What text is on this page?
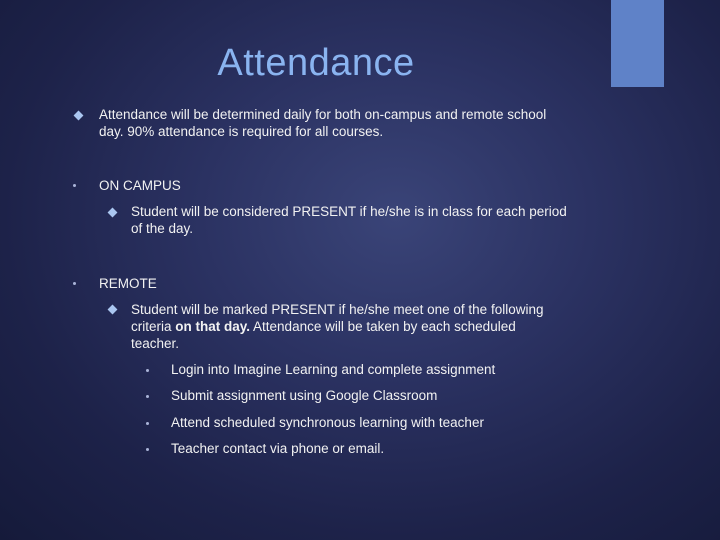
Attendance
Attendance will be determined daily for both on-campus and remote school
day. 90% attendance is required for all courses.
ON CAMPUS
Student will be considered PRESENT if he/she is in class for each period
of the day.
REMOTE
Student will be marked PRESENT if he/she meet one of the following
criteria on that day. Attendance will be taken by each scheduled
teacher.
Login into Imagine Learning and complete assignment
Submit assignment using Google Classroom
Attend scheduled synchronous learning with teacher
Teacher contact via phone or email.
